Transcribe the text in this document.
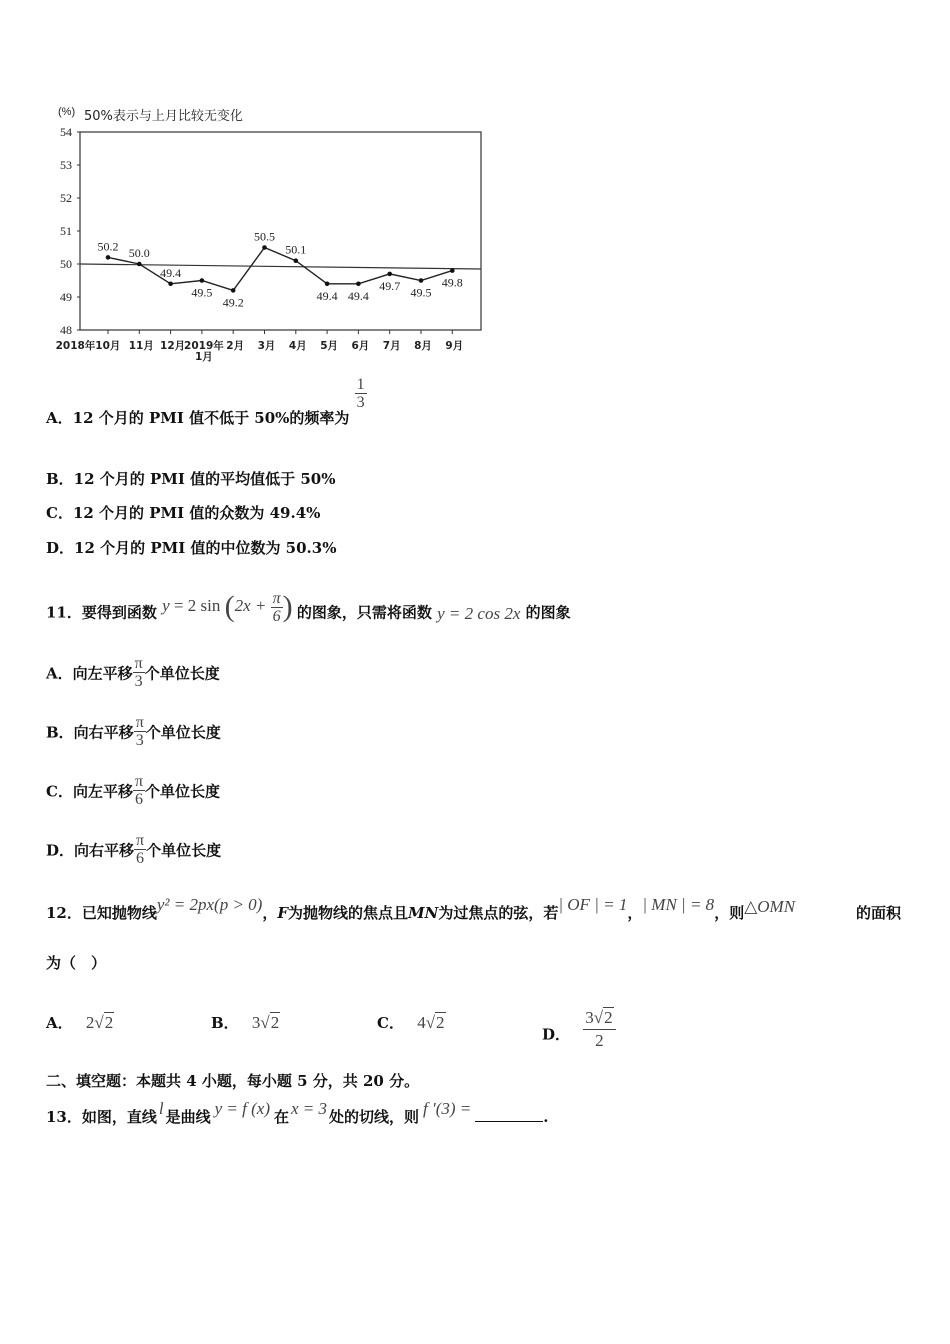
(%) 50%表示与上月比较无变化
54
53
52
51
50
49
48
50.2 50.0
49.4
49.5
49.2
50.5
50.1
49.4 49.4
49.7 49.5
49.8
2018年10月 11月 12月
2019年
1月
2月 3月 4月 5月 6月 7月 8月 9月
A．12 个月的 PMI 值不低于 50%的频率为
$\frac{1}{3}$
B．12 个月的 PMI 值的平均值低于 50%
C．12 个月的 PMI 值的众数为 49.4%
D．12 个月的 PMI 值的中位数为 50.3%
11．要得到函数 y = 2 $\sin (2x + \frac{\pi}{6}$ ) 的图象，只需将函数 y = 2 cos 2x 的图象
A．向左平移 $\frac{\pi}{3}$ 个单位长度
B．向右平移 $\frac{\pi}{3}$ 个单位长度
C．向左平移 $\frac{\pi}{6}$ 个单位长度
D．向右平移 $\frac{\pi}{6}$ 个单位长度
12．已知抛物线y² = 2px(p > 0)，F为抛物线的焦点且MN为过焦点的弦，若| OF | = 1，| MN | = 8，则△OMN	的面积
为（　）
A． 2√2	B． 3√2	C． 4√2
D． $\frac{3√2}{2}$
二、填空题：本题共 4 小题，每小题 5 分，共 20 分。
13．如图，直线 l 是曲线 y = f (x) 在 x = 3 处的切线，则 f ′(3) =	.
